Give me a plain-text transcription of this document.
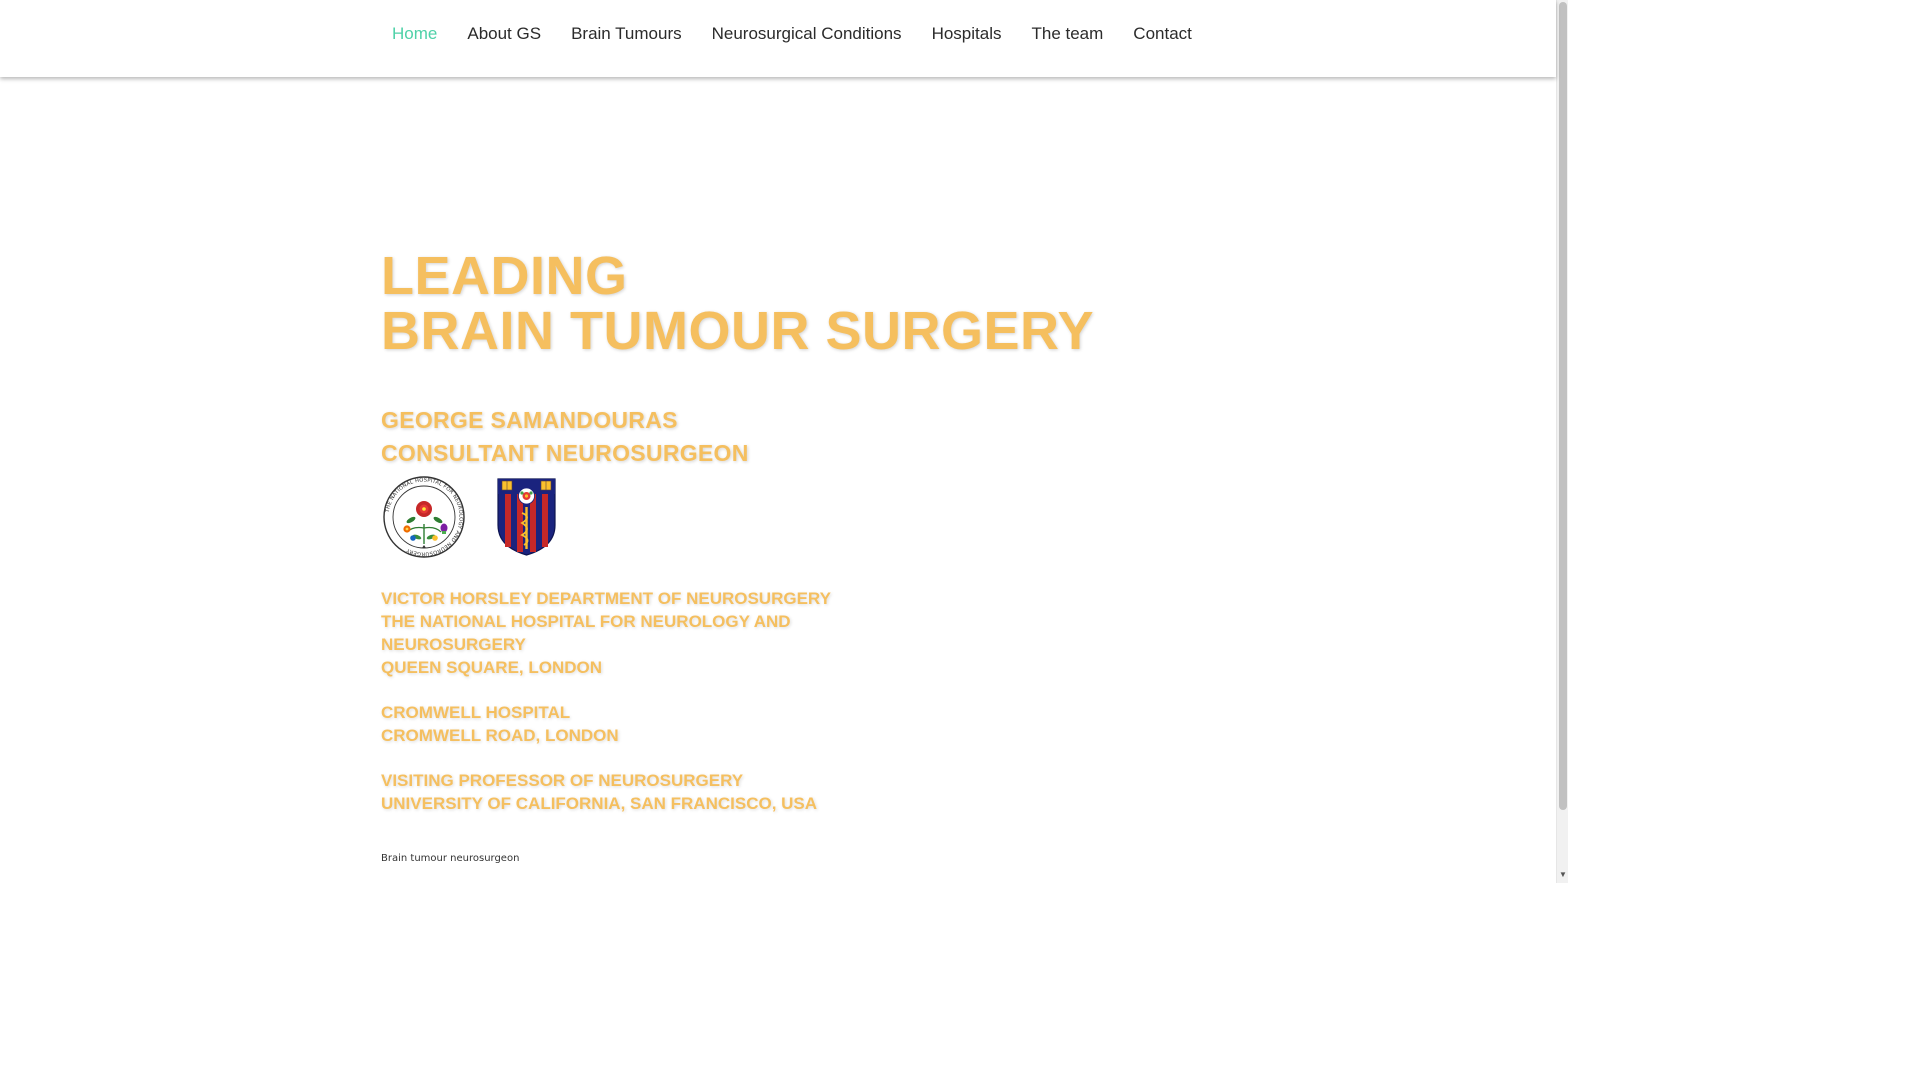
Home	About GS	Brain Tumours	Neurosurgical Conditions	Hospitals	The team	Contact
LEADING
BRAIN TUMOUR SURGERY
GEORGE SAMANDOURAS
CONSULTANT NEUROSURGEON
THE NATIONAL HOSPITAL FOR NEUROLOGY AND NEUROSURGERY
VICTOR HORSLEY DEPARTMENT OF NEUROSURGERY
THE NATIONAL HOSPITAL FOR NEUROLOGY AND
NEUROSURGERY
QUEEN SQUARE, LONDON
CROMWELL HOSPITAL
CROMWELL ROAD, LONDON
VISITING PROFESSOR OF NEUROSURGERY
UNIVERSITY OF CALIFORNIA, SAN FRANCISCO, USA
Brain tumour neurosurgeon
▼
